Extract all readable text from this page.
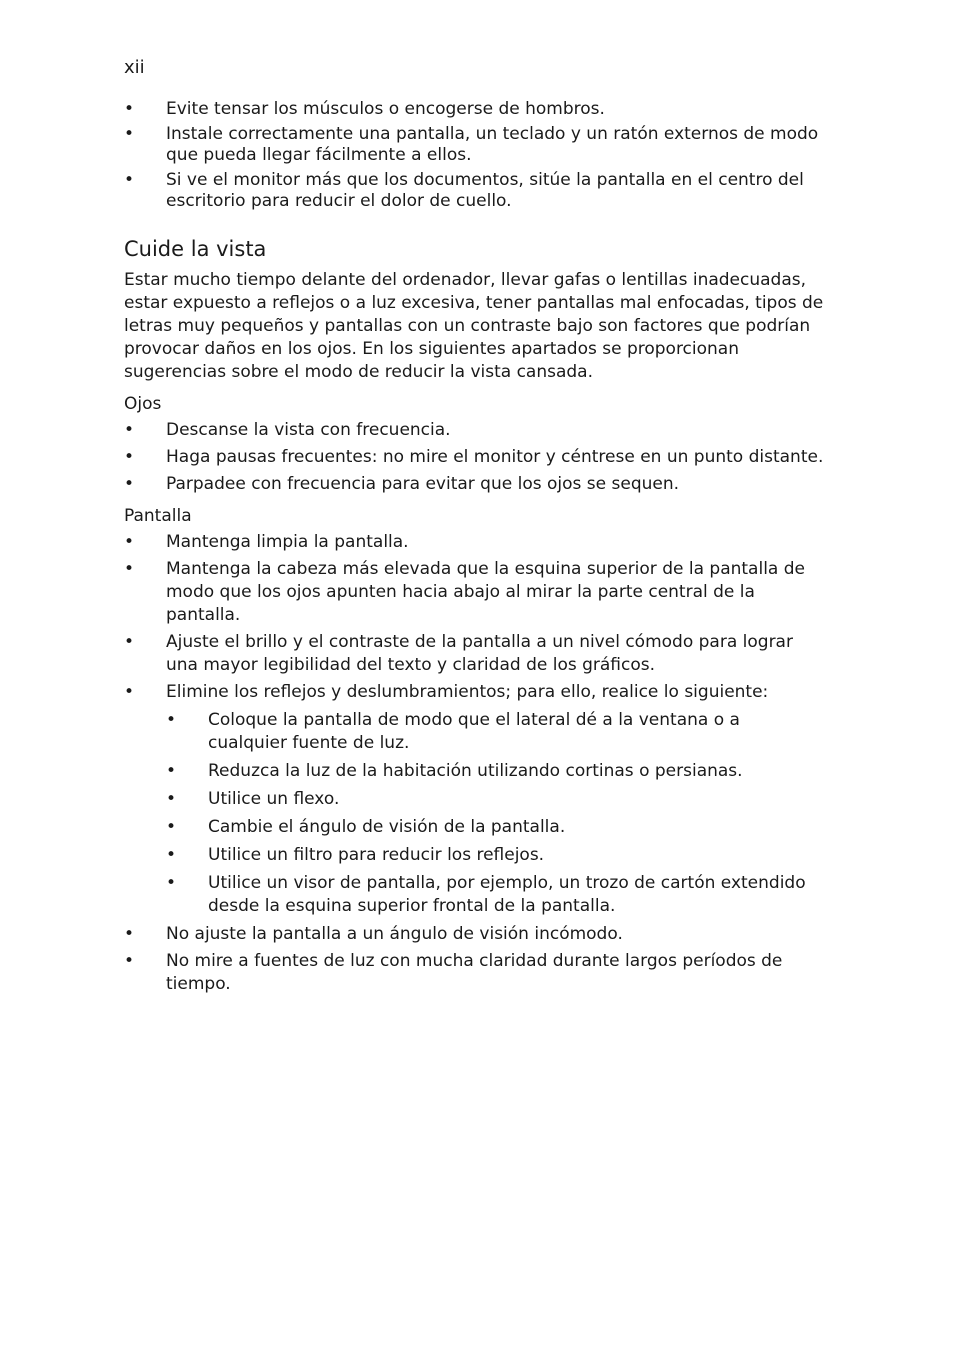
xii
• Evite tensar los músculos o encogerse de hombros.
• Instale correctamente una pantalla, un teclado y un ratón externos de modo que pueda llegar fácilmente a ellos.
• Si ve el monitor más que los documentos, sitúe la pantalla en el centro del escritorio para reducir el dolor de cuello.
Cuide la vista

Estar mucho tiempo delante del ordenador, llevar gafas o lentillas inadecuadas, estar expuesto a reflejos o a luz excesiva, tener pantallas mal enfocadas, tipos de letras muy pequeños y pantallas con un contraste bajo son factores que podrían provocar daños en los ojos. En los siguientes apartados se proporcionan sugerencias sobre el modo de reducir la vista cansada.

Ojos
• Descanse la vista con frecuencia.
• Haga pausas frecuentes: no mire el monitor y céntrese en un punto distante.
• Parpadee con frecuencia para evitar que los ojos se sequen.
Pantalla
• Mantenga limpia la pantalla.
• Mantenga la cabeza más elevada que la esquina superior de la pantalla de modo que los ojos apunten hacia abajo al mirar la parte central de la pantalla.
• Ajuste el brillo y el contraste de la pantalla a un nivel cómodo para lograr una mayor legibilidad del texto y claridad de los gráficos.
• Elimine los reflejos y deslumbramientos; para ello, realice lo siguiente:
• Coloque la pantalla de modo que el lateral dé a la ventana o a cualquier fuente de luz.
• Reduzca la luz de la habitación utilizando cortinas o persianas.
• Utilice un flexo.
• Cambie el ángulo de visión de la pantalla.
• Utilice un filtro para reducir los reflejos.
• Utilice un visor de pantalla, por ejemplo, un trozo de cartón extendido desde la esquina superior frontal de la pantalla.
• No ajuste la pantalla a un ángulo de visión incómodo.
• No mire a fuentes de luz con mucha claridad durante largos períodos de tiempo.
